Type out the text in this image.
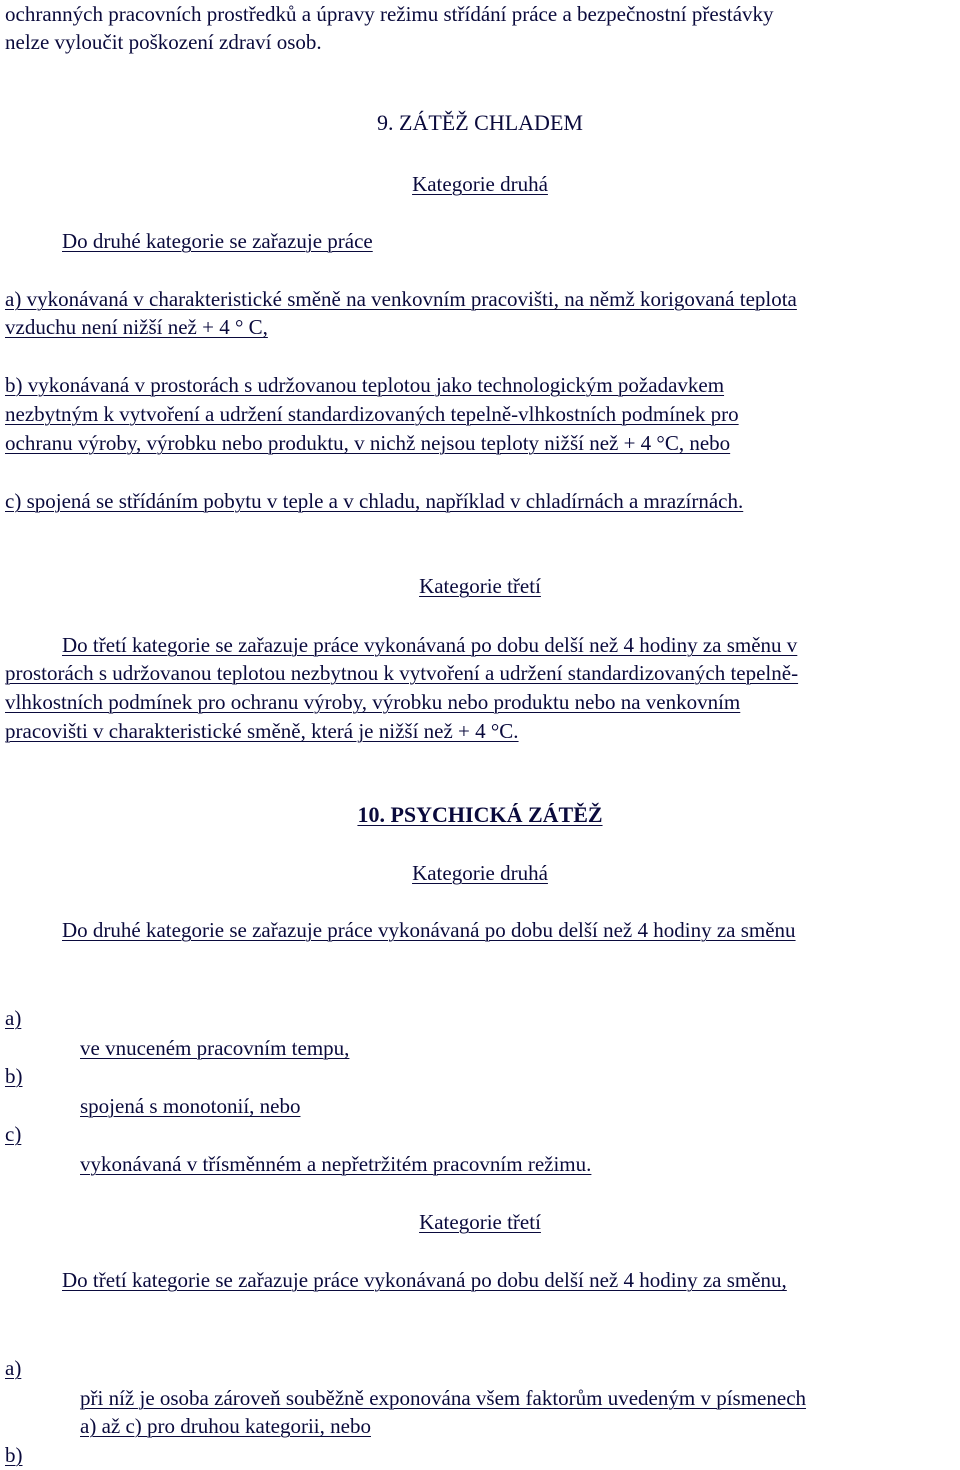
ochranných pracovních prostředků a úpravy režimu střídání práce a bezpečnostní přestávky

nelze vyloučit poškození zdraví osob.

9. ZÁTĚŽ CHLADEM

Kategorie druhá

Do druhé kategorie se zařazuje práce

a) vykonávaná v charakteristické směně na venkovním pracovišti, na němž korigovaná teplota

vzduchu není nižší než + 4 ° C,

b) vykonávaná v prostorách s udržovanou teplotou jako technologickým požadavkem

nezbytným k vytvoření a udržení standardizovaných tepelně-vlhkostních podmínek pro

ochranu výroby, výrobku nebo produktu, v nichž nejsou teploty nižší než + 4 °C, nebo

c) spojená se střídáním pobytu v teple a v chladu, například v chladírnách a mrazírnách.

Kategorie třetí

Do třetí kategorie se zařazuje práce vykonávaná po dobu delší než 4 hodiny za směnu v

prostorách s udržovanou teplotou nezbytnou k vytvoření a udržení standardizovaných tepelně-

vlhkostních podmínek pro ochranu výroby, výrobku nebo produktu nebo na venkovním

pracovišti v charakteristické směně, která je nižší než + 4 °C.

10. PSYCHICKÁ ZÁTĚŽ

Kategorie druhá

Do druhé kategorie se zařazuje práce vykonávaná po dobu delší než 4 hodiny za směnu

a)

b)

c)

ve vnuceném pracovním tempu,

spojená s monotonií, nebo

vykonávaná v třísměnném a nepřetržitém pracovním režimu.

Kategorie třetí

Do třetí kategorie se zařazuje práce vykonávaná po dobu delší než 4 hodiny za směnu,

a)

při níž je osoba zároveň souběžně exponována všem faktorům uvedeným v písmenech

a) až c) pro druhou kategorii, nebo

b)
